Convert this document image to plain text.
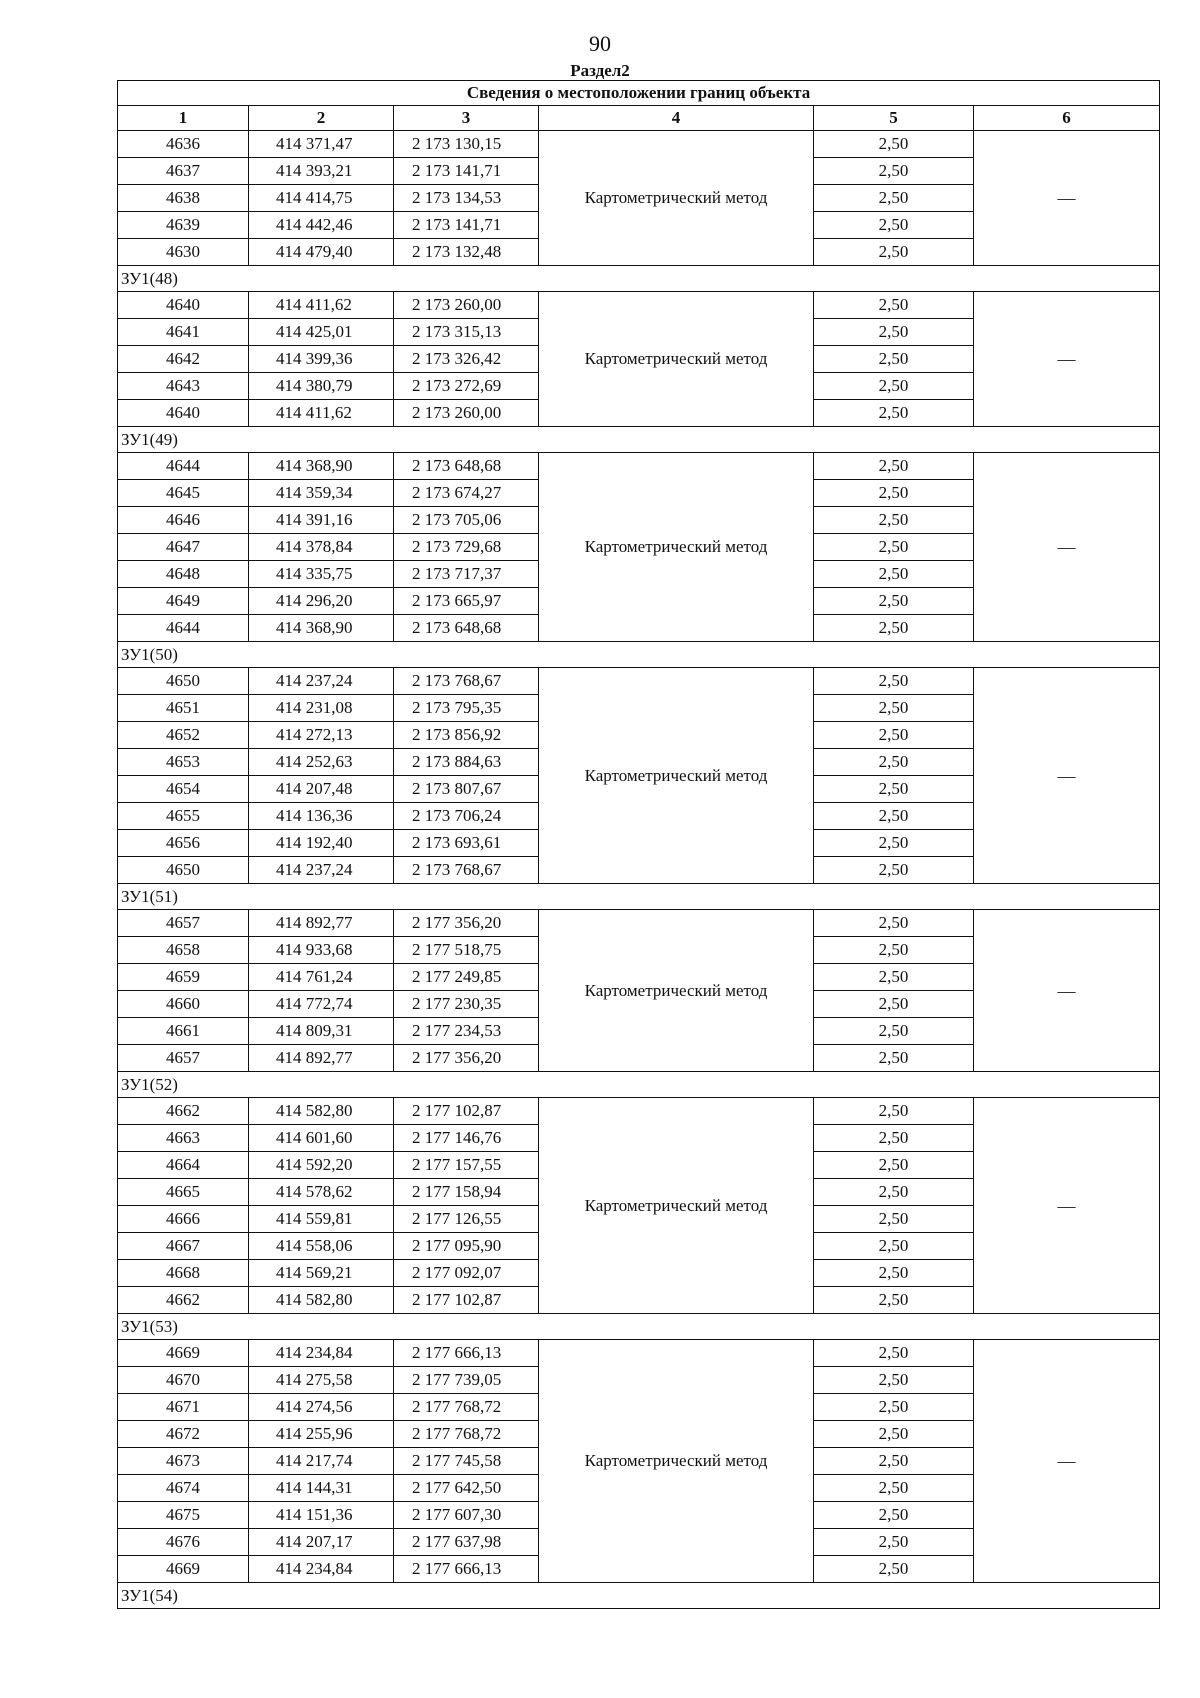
90
Раздел2
Сведения о местоположении границ объекта					
1	2	3	4	5	6
4636	414 371,47	2 173 130,15	Картометрический метод	2,50	—
4637	414 393,21	2 173 141,71		2,50	
4638	414 414,75	2 173 134,53		2,50	
4639	414 442,46	2 173 141,71		2,50	
4630	414 479,40	2 173 132,48		2,50	
ЗУ1(48)					
4640	414 411,62	2 173 260,00	Картометрический метод	2,50	—
4641	414 425,01	2 173 315,13		2,50	
4642	414 399,36	2 173 326,42		2,50	
4643	414 380,79	2 173 272,69		2,50	
4640	414 411,62	2 173 260,00		2,50	
ЗУ1(49)					
4644	414 368,90	2 173 648,68	Картометрический метод	2,50	—
4645	414 359,34	2 173 674,27		2,50	
4646	414 391,16	2 173 705,06		2,50	
4647	414 378,84	2 173 729,68		2,50	
4648	414 335,75	2 173 717,37		2,50	
4649	414 296,20	2 173 665,97		2,50	
4644	414 368,90	2 173 648,68		2,50	
ЗУ1(50)					
4650	414 237,24	2 173 768,67	Картометрический метод	2,50	—
4651	414 231,08	2 173 795,35		2,50	
4652	414 272,13	2 173 856,92		2,50	
4653	414 252,63	2 173 884,63		2,50	
4654	414 207,48	2 173 807,67		2,50	
4655	414 136,36	2 173 706,24		2,50	
4656	414 192,40	2 173 693,61		2,50	
4650	414 237,24	2 173 768,67		2,50	
ЗУ1(51)					
4657	414 892,77	2 177 356,20	Картометрический метод	2,50	—
4658	414 933,68	2 177 518,75		2,50	
4659	414 761,24	2 177 249,85		2,50	
4660	414 772,74	2 177 230,35		2,50	
4661	414 809,31	2 177 234,53		2,50	
4657	414 892,77	2 177 356,20		2,50	
ЗУ1(52)					
4662	414 582,80	2 177 102,87	Картометрический метод	2,50	—
4663	414 601,60	2 177 146,76		2,50	
4664	414 592,20	2 177 157,55		2,50	
4665	414 578,62	2 177 158,94		2,50	
4666	414 559,81	2 177 126,55		2,50	
4667	414 558,06	2 177 095,90		2,50	
4668	414 569,21	2 177 092,07		2,50	
4662	414 582,80	2 177 102,87		2,50	
ЗУ1(53)					
4669	414 234,84	2 177 666,13	Картометрический метод	2,50	—
4670	414 275,58	2 177 739,05		2,50	
4671	414 274,56	2 177 768,72		2,50	
4672	414 255,96	2 177 768,72		2,50	
4673	414 217,74	2 177 745,58		2,50	
4674	414 144,31	2 177 642,50		2,50	
4675	414 151,36	2 177 607,30		2,50	
4676	414 207,17	2 177 637,98		2,50	
4669	414 234,84	2 177 666,13		2,50	
ЗУ1(54)					
